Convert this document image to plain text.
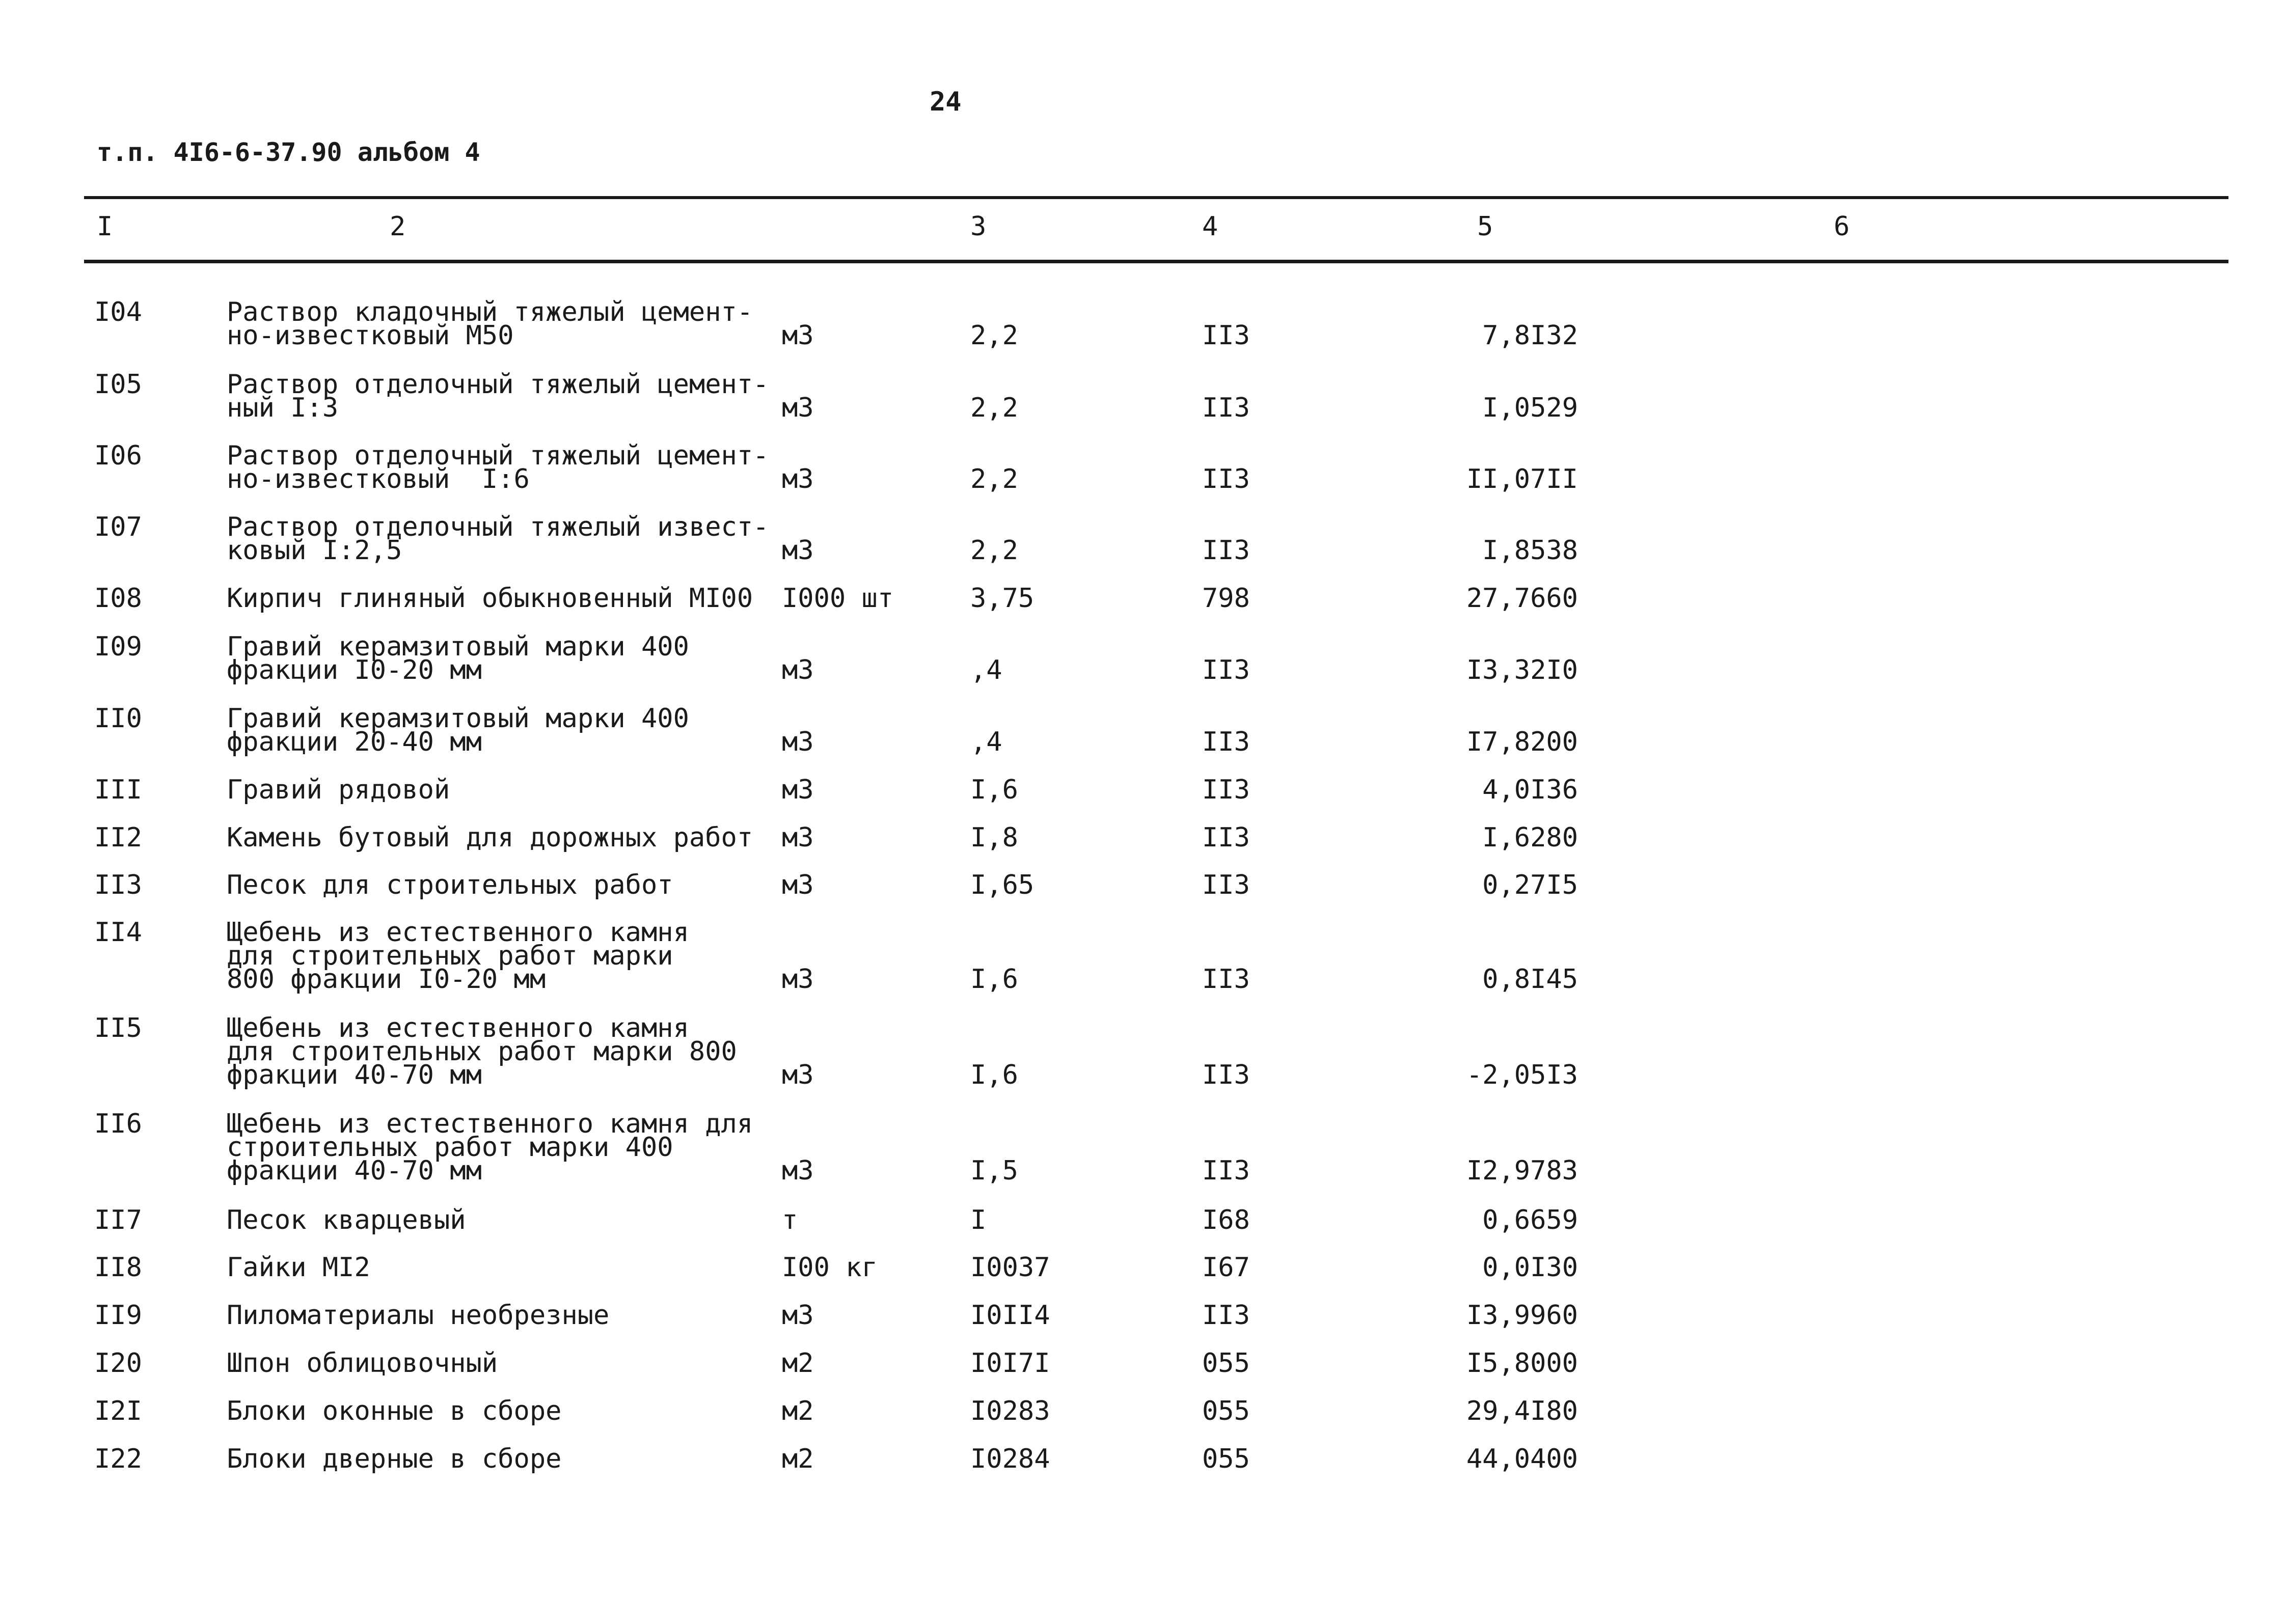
24
т.п. 4I6-6-37.90 альбом 4
I	2	3	4	5	6
I04	Раствор кладочный тяжелый цемент-
но-известковый М50	м3	2,2	II3	7,8I32
I05	Раствор отделочный тяжелый цемент-
ный I:3	м3	2,2	II3	I,0529
I06	Раствор отделочный тяжелый цемент-
но-известковый  I:6	м3	2,2	II3	II,07II
I07	Раствор отделочный тяжелый извест-
ковый I:2,5	м3	2,2	II3	I,8538
I08	Кирпич глиняный обыкновенный МI00	I000 шт	3,75	798	27,7660
I09	Гравий керамзитовый марки 400
фракции I0-20 мм	м3	,4	II3	I3,32I0
II0	Гравий керамзитовый марки 400
фракции 20-40 мм	м3	,4	II3	I7,8200
III	Гравий рядовой	м3	I,6	II3	4,0I36
II2	Камень бутовый для дорожных работ	м3	I,8	II3	I,6280
II3	Песок для строительных работ	м3	I,65	II3	0,27I5
II4	Щебень из естественного камня
для строительных работ марки
800 фракции I0-20 мм	м3	I,6	II3	0,8I45
II5	Щебень из естественного камня
для строительных работ марки 800
фракции 40-70 мм	м3	I,6	II3	-2,05I3
II6	Щебень из естественного камня для
строительных работ марки 400
фракции 40-70 мм	м3	I,5	II3	I2,9783
II7	Песок кварцевый	т	I	I68	0,6659
II8	Гайки МI2	I00 кг	I0037	I67	0,0I30
II9	Пиломатериалы необрезные	м3	I0II4	II3	I3,9960
I20	Шпон облицовочный	м2	I0I7I	055	I5,8000
I2I	Блоки оконные в сборе	м2	I0283	055	29,4I80
I22	Блоки дверные в сборе	м2	I0284	055	44,0400
